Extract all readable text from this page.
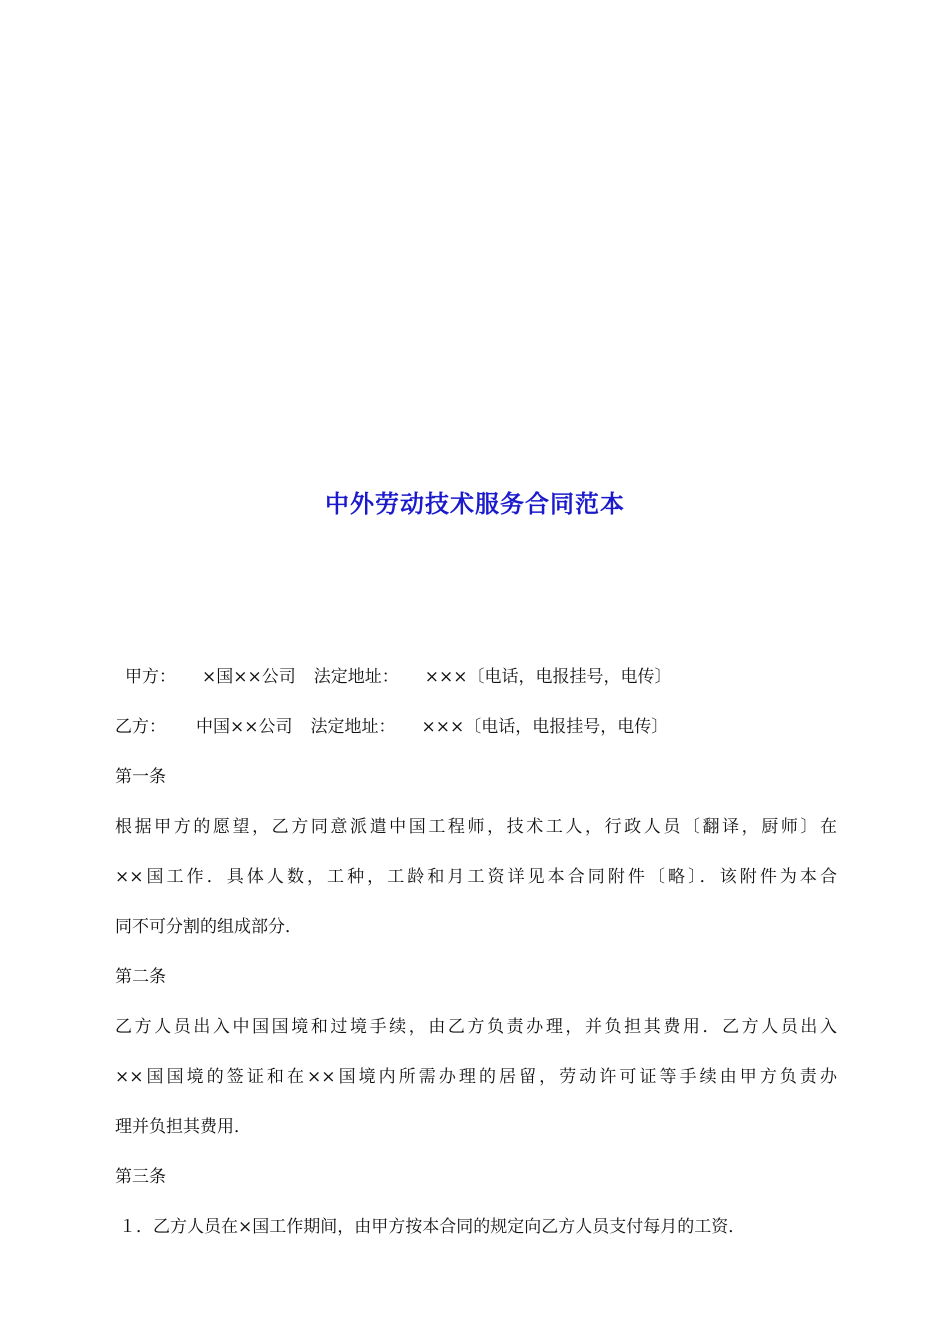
中外劳动技术服务合同范本
甲方： ×国××公司 法定地址： ×××〔电话，电报挂号，电传〕
乙方： 中国××公司 法定地址： ×××〔电话，电报挂号，电传〕
第一条
根据甲方的愿望，乙方同意派遣中国工程师，技术工人，行政人员〔翻译，厨师〕在
××国工作．具体人数，工种，工龄和月工资详见本合同附件〔略〕．该附件为本合
同不可分割的组成部分．
第二条
乙方人员出入中国国境和过境手续，由乙方负责办理，并负担其费用．乙方人员出入
××国国境的签证和在××国境内所需办理的居留，劳动许可证等手续由甲方负责办
理并负担其费用．
第三条
１．乙方人员在×国工作期间，由甲方按本合同的规定向乙方人员支付每月的工资．
